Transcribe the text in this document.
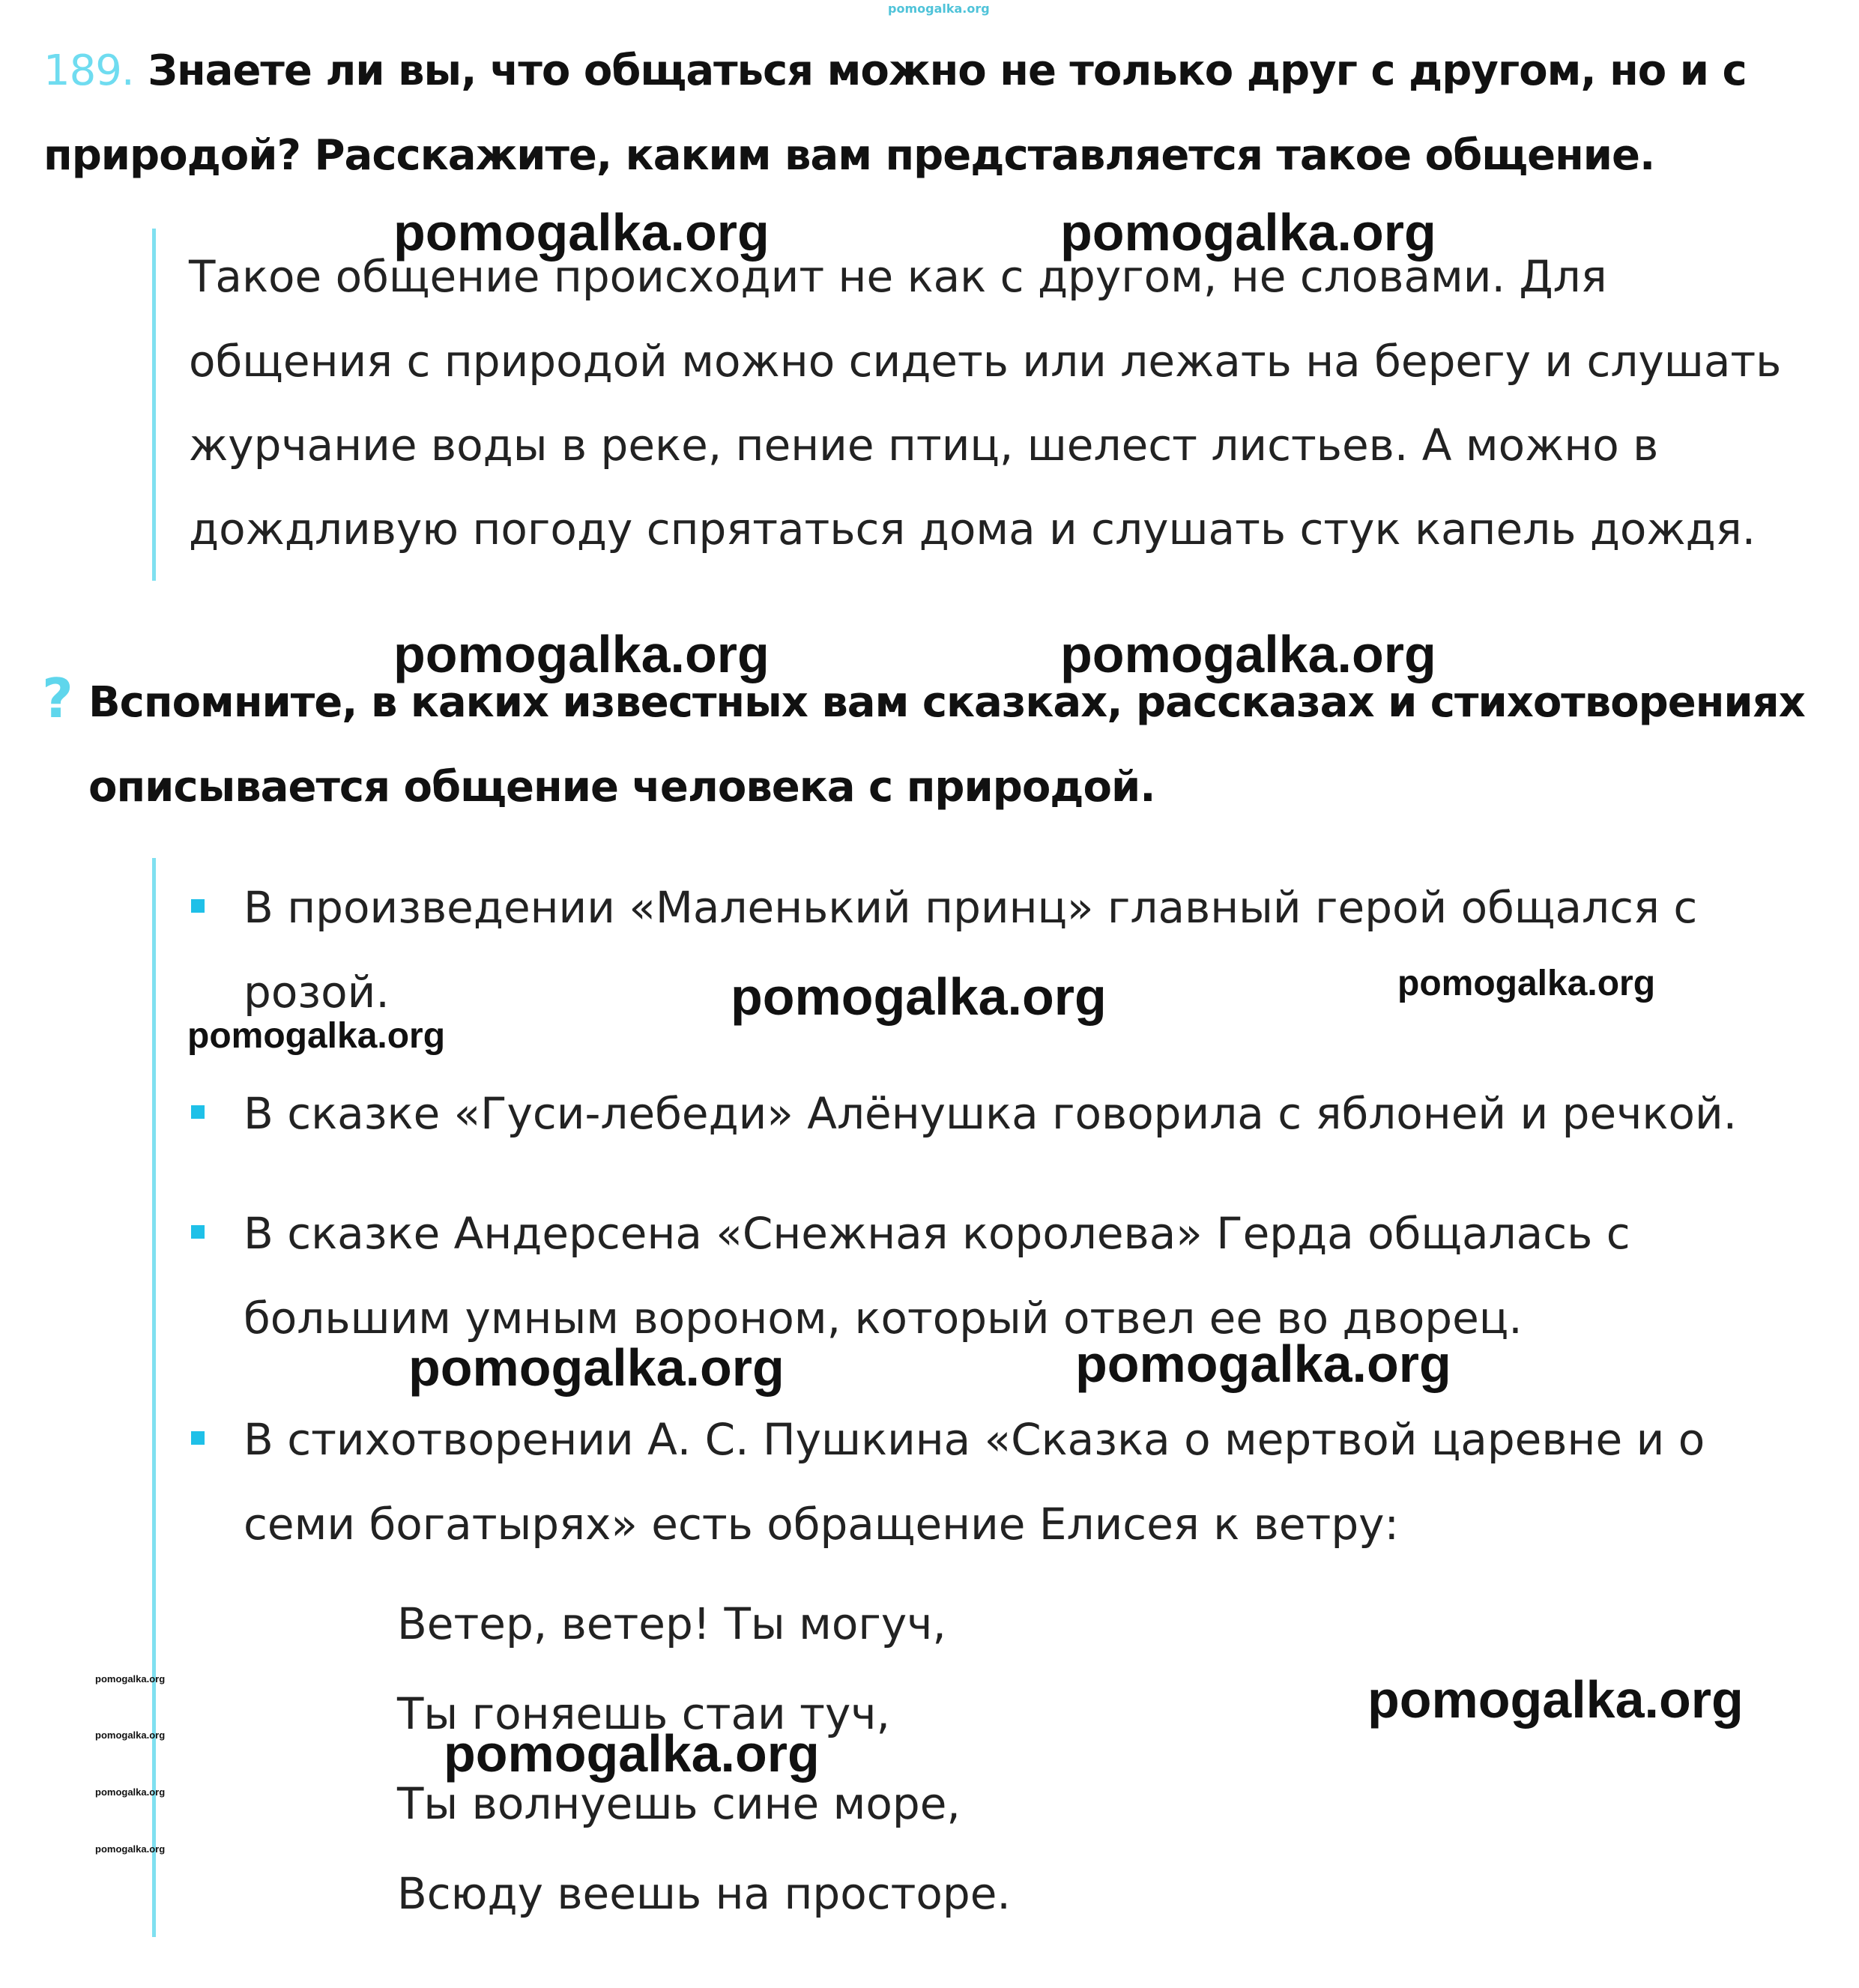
pomogalka.org
189. Знаете ли вы, что общаться можно не только друг с другом, но и с
природой? Расскажите, каким вам представляется такое общение.
Такое общение происходит не как с другом, не словами. Для
общения с природой можно сидеть или лежать на берегу и слушать
журчание воды в реке, пение птиц, шелест листьев. А можно в
дождливую погоду спрятаться дома и слушать стук капель дождя.
? Вспомните, в каких известных вам сказках, рассказах и стихотворениях
описывается общение человека с природой.
В произведении «Маленький принц» главный герой общался с
розой.
В сказке «Гуси-лебеди» Алёнушка говорила с яблоней и речкой.
В сказке Андерсена «Снежная королева» Герда общалась с
большим умным вороном, который отвел ее во дворец.
В стихотворении А. С. Пушкина «Сказка о мертвой царевне и о
семи богатырях» есть обращение Елисея к ветру:
Ветер, ветер! Ты могуч,
Ты гоняешь стаи туч,
Ты волнуешь сине море,
Всюду веешь на просторе.
pomogalka.org	pomogalka.org
pomogalka.org	pomogalka.org
pomogalka.org	pomogalka.org
pomogalka.org
pomogalka.org	pomogalka.org
pomogalka.org
pomogalka.org
pomogalka.org
pomogalka.org
pomogalka.org
pomogalka.org
